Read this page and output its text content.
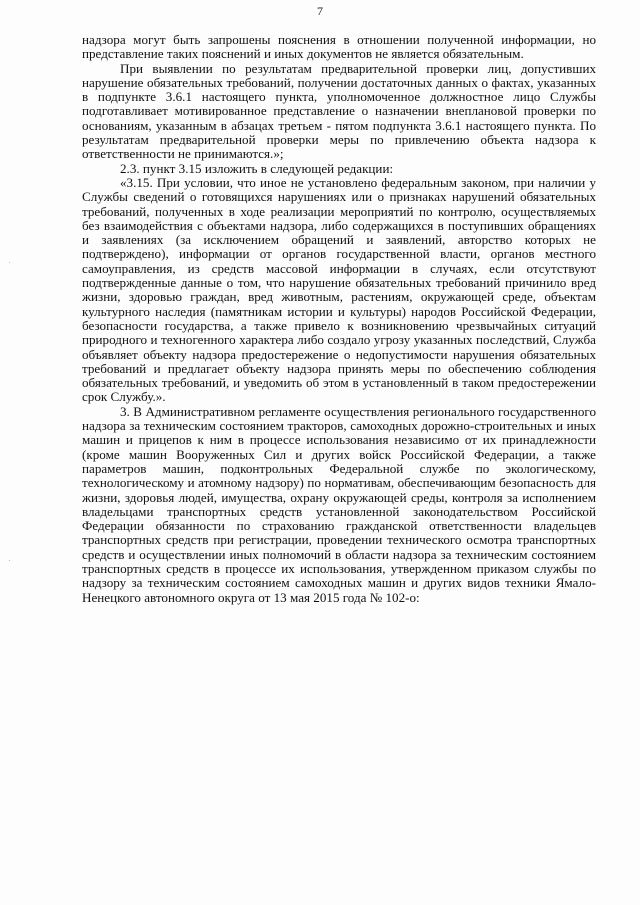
7

надзора могут быть запрошены пояснения в отношении полученной информации, но представление таких пояснений и иных документов не является обязательным.

При выявлении по результатам предварительной проверки лиц, допустивших нарушение обязательных требований, получении достаточных данных о фактах, указанных в подпункте 3.6.1 настоящего пункта, уполномоченное должностное лицо Службы подготавливает мотивированное представление о назначении внеплановой проверки по основаниям, указанным в абзацах третьем - пятом подпункта 3.6.1 настоящего пункта. По результатам предварительной проверки меры по привлечению объекта надзора к ответственности не принимаются.»;

2.3. пункт 3.15 изложить в следующей редакции:

«3.15. При условии, что иное не установлено федеральным законом, при наличии у Службы сведений о готовящихся нарушениях или о признаках нарушений обязательных требований, полученных в ходе реализации мероприятий по контролю, осуществляемых без взаимодействия с объектами надзора, либо содержащихся в поступивших обращениях и заявлениях (за исключением обращений и заявлений, авторство которых не подтверждено), информации от органов государственной власти, органов местного самоуправления, из средств массовой информации в случаях, если отсутствуют подтвержденные данные о том, что нарушение обязательных требований причинило вред жизни, здоровью граждан, вред животным, растениям, окружающей среде, объектам культурного наследия (памятникам истории и культуры) народов Российской Федерации, безопасности государства, а также привело к возникновению чрезвычайных ситуаций природного и техногенного характера либо создало угрозу указанных последствий, Служба объявляет объекту надзора предостережение о недопустимости нарушения обязательных требований и предлагает объекту надзора принять меры по обеспечению соблюдения обязательных требований, и уведомить об этом в установленный в таком предостережении срок Службу.».

3. В Административном регламенте осуществления регионального государственного надзора за техническим состоянием тракторов, самоходных дорожно-строительных и иных машин и прицепов к ним в процессе использования независимо от их принадлежности (кроме машин Вооруженных Сил и других войск Российской Федерации, а также параметров машин, подконтрольных Федеральной службе по экологическому, технологическому и атомному надзору) по нормативам, обеспечивающим безопасность для жизни, здоровья людей, имущества, охрану окружающей среды, контроля за исполнением владельцами транспортных средств установленной законодательством Российской Федерации обязанности по страхованию гражданской ответственности владельцев транспортных средств при регистрации, проведении технического осмотра транспортных средств и осуществлении иных полномочий в области надзора за техническим состоянием транспортных средств в процессе их использования, утвержденном приказом службы по надзору за техническим состоянием самоходных машин и других видов техники Ямало-Ненецкого автономного округа от 13 мая 2015 года № 102-о:
